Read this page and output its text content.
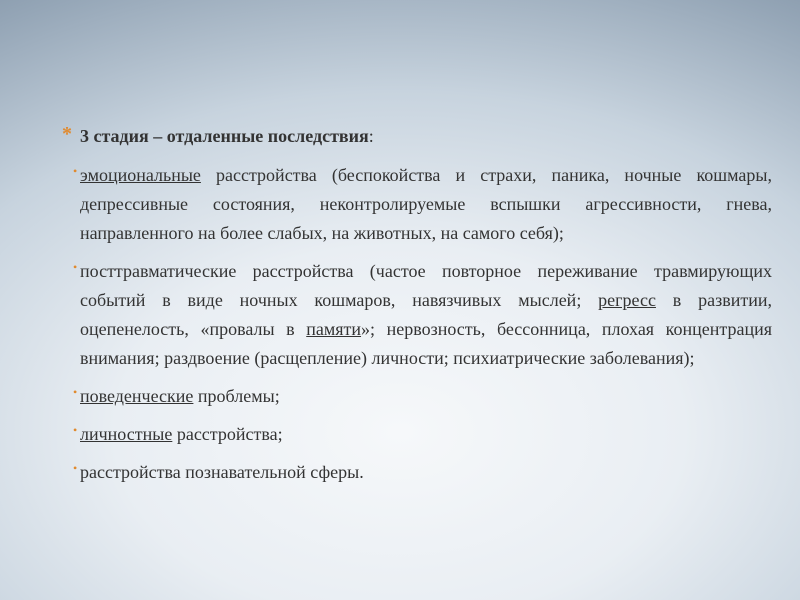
* 3 стадия – отдаленные последствия:
• эмоциональные расстройства (беспокойства и страхи, паника, ночные кошмары, депрессивные состояния, неконтролируемые вспышки агрессивности, гнева, направленного на более слабых, на животных, на самого себя);
• посттравматические расстройства (частое повторное переживание травмирующих событий в виде ночных кошмаров, навязчивых мыслей; регресс в развитии, оцепенелость, «провалы в памяти»; нервозность, бессонница, плохая концентрация внимания; раздвоение (расщепление) личности; психиатрические заболевания);
• поведенческие проблемы;
• личностные расстройства;
• расстройства познавательной сферы.
